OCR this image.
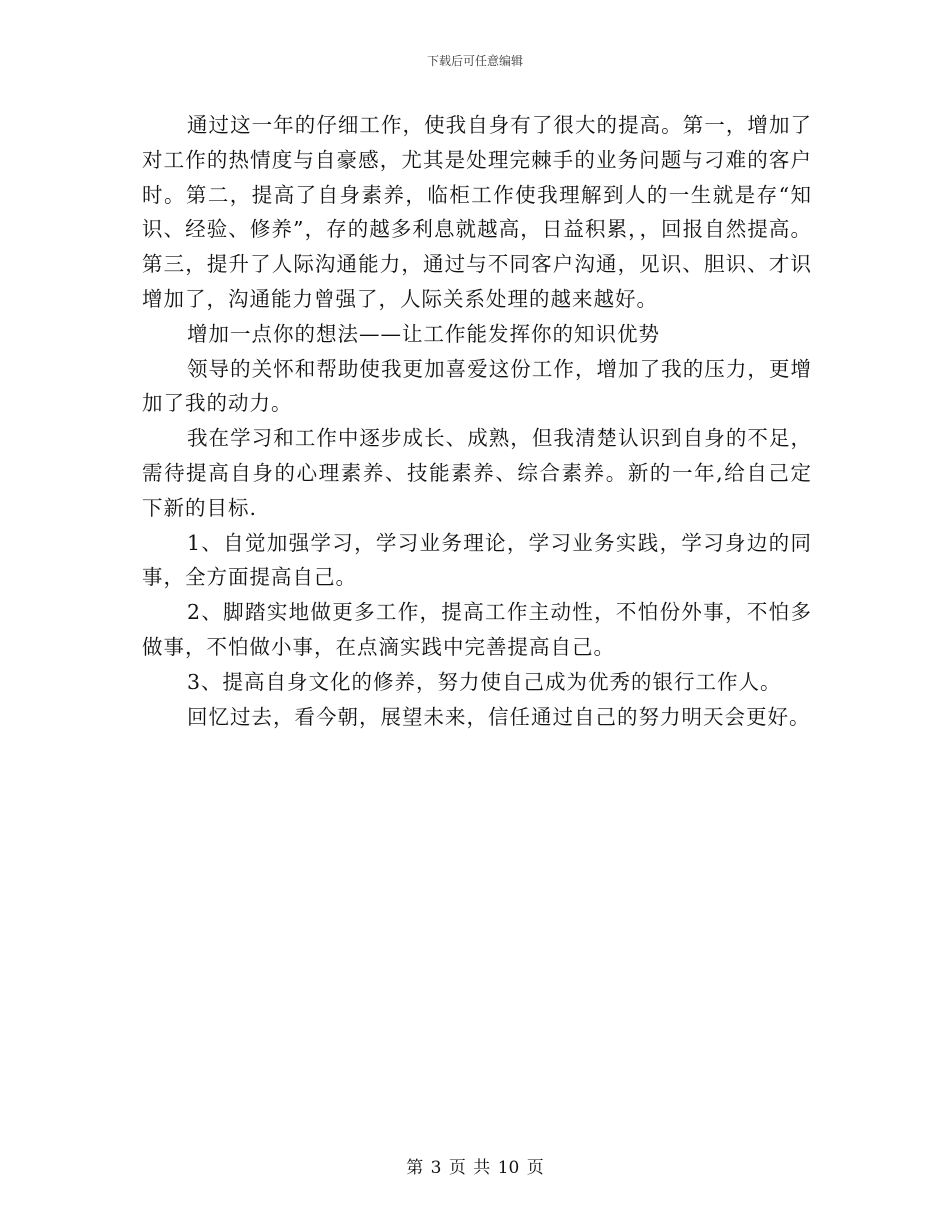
下载后可任意编辑

通过这一年的仔细工作，使我自身有了很大的提高。第一，增加了对工作的热情度与自豪感，尤其是处理完棘手的业务问题与刁难的客户时。第二，提高了自身素养，临柜工作使我理解到人的一生就是存“知识、经验、修养”，存的越多利息就越高，日益积累，，回报自然提高。第三，提升了人际沟通能力，通过与不同客户沟通，见识、胆识、才识增加了，沟通能力曾强了，人际关系处理的越来越好。

增加一点你的想法——让工作能发挥你的知识优势

领导的关怀和帮助使我更加喜爱这份工作，增加了我的压力，更增加了我的动力。

我在学习和工作中逐步成长、成熟，但我清楚认识到自身的不足，需待提高自身的心理素养、技能素养、综合素养。新的一年,给自己定下新的目标.

1、自觉加强学习，学习业务理论，学习业务实践，学习身边的同事，全方面提高自己。

2、脚踏实地做更多工作，提高工作主动性，不怕份外事，不怕多做事，不怕做小事，在点滴实践中完善提高自己。

3、提高自身文化的修养，努力使自己成为优秀的银行工作人。

回忆过去，看今朝，展望未来，信任通过自己的努力明天会更好。

第 3 页 共 10 页
